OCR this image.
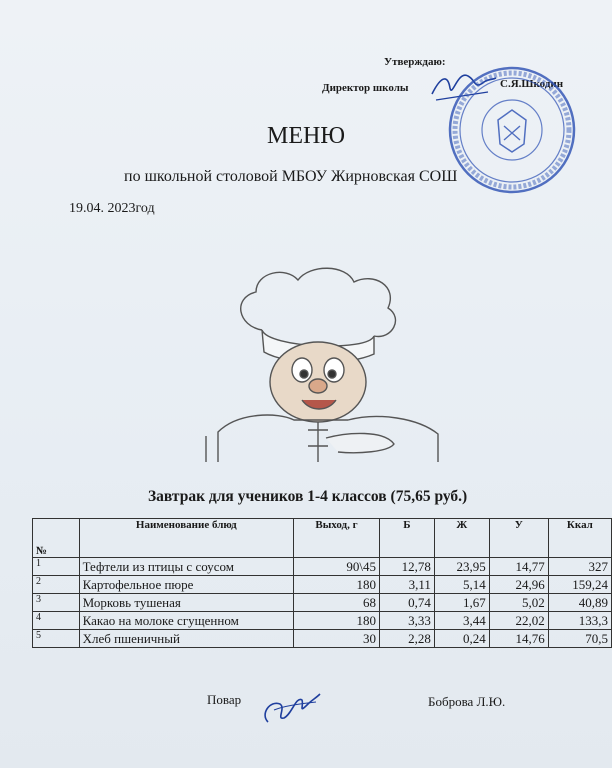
Утверждаю:
Директор школы	С.Я.Шкодин
МЕНЮ
по школьной столовой МБОУ Жирновская СОШ
19.04. 2023год
Завтрак для учеников 1-4 классов (75,65 руб.)
№	Наименование блюд	Выход, г	Б	Ж	У	Ккал
1	Тефтели из птицы с соусом	90\45	12,78	23,95	14,77	327
2	Картофельное пюре	180	3,11	5,14	24,96	159,24
3	Морковь тушеная	68	0,74	1,67	5,02	40,89
4	Какао на молоке сгущенном	180	3,33	3,44	22,02	133,3
5	Хлеб пшеничный	30	2,28	0,24	14,76	70,5
Повар	Боброва Л.Ю.
